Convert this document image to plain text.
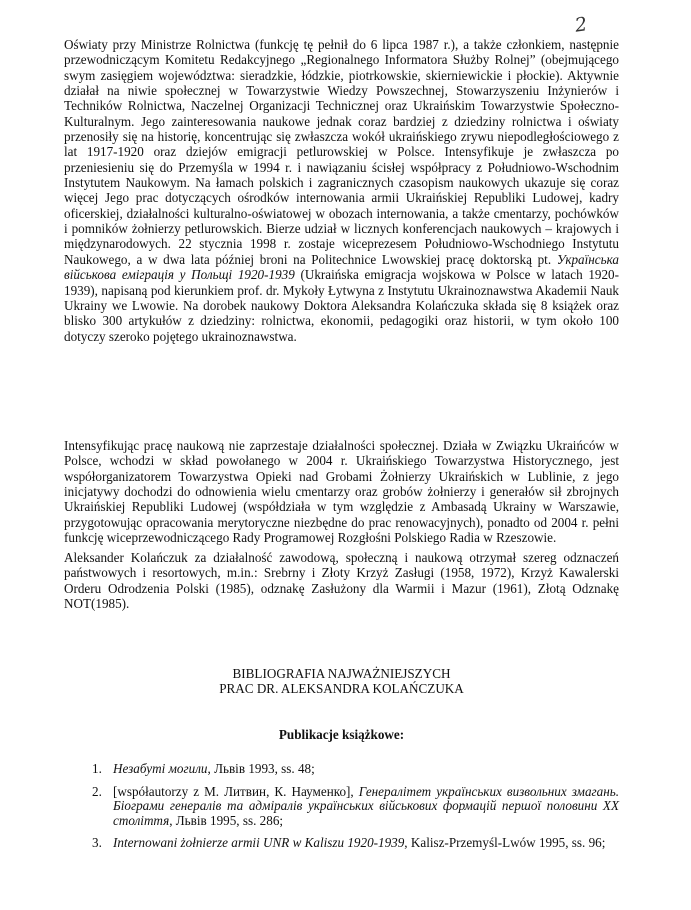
2

Oświaty przy Ministrze Rolnictwa (funkcję tę pełnił do 6 lipca 1987 r.), a także członkiem, następnie przewodniczącym Komitetu Redakcyjnego „Regionalnego Informatora Służby Rolnej” (obejmującego swym zasięgiem województwa: sieradzkie, łódzkie, piotrkowskie, skierniewickie i płockie). Aktywnie działał na niwie społecznej w Towarzystwie Wiedzy Powszechnej, Stowarzyszeniu Inżynierów i Techników Rolnictwa, Naczelnej Organizacji Technicznej oraz Ukraińskim Towarzystwie Społeczno-Kulturalnym. Jego zainteresowania naukowe jednak coraz bardziej z dziedziny rolnictwa i oświaty przenosiły się na historię, koncentrując się zwłaszcza wokół ukraińskiego zrywu niepodległościowego z lat 1917-1920 oraz dziejów emigracji petlurowskiej w Polsce. Intensyfikuje je zwłaszcza po przeniesieniu się do Przemyśla w 1994 r. i nawiązaniu ścisłej współpracy z Południowo-Wschodnim Instytutem Naukowym. Na łamach polskich i zagranicznych czasopism naukowych ukazuje się coraz więcej Jego prac dotyczących ośrodków internowania armii Ukraińskiej Republiki Ludowej, kadry oficerskiej, działalności kulturalno-oświatowej w obozach internowania, a także cmentarzy, pochówków i pomników żołnierzy petlurowskich. Bierze udział w licznych konferencjach naukowych – krajowych i międzynarodowych. 22 stycznia 1998 r. zostaje wiceprezesem Południowo-Wschodniego Instytutu Naukowego, a w dwa lata później broni na Politechnice Lwowskiej pracę doktorską pt. Українська військова еміграція у Польщі 1920-1939 (Ukraińska emigracja wojskowa w Polsce w latach 1920-1939), napisaną pod kierunkiem prof. dr. Mykoły Łytwyna z Instytutu Ukrainoznawstwa Akademii Nauk Ukrainy we Lwowie. Na dorobek naukowy Doktora Aleksandra Kolańczuka składa się 8 książek oraz blisko 300 artykułów z dziedziny: rolnictwa, ekonomii, pedagogiki oraz historii, w tym około 100 dotyczy szeroko pojętego ukrainoznawstwa.

Intensyfikując pracę naukową nie zaprzestaje działalności społecznej. Działa w Związku Ukraińców w Polsce, wchodzi w skład powołanego w 2004 r. Ukraińskiego Towarzystwa Historycznego, jest współorganizatorem Towarzystwa Opieki nad Grobami Żołnierzy Ukraińskich w Lublinie, z jego inicjatywy dochodzi do odnowienia wielu cmentarzy oraz grobów żołnierzy i generałów sił zbrojnych Ukraińskiej Republiki Ludowej (współdziała w tym względzie z Ambasadą Ukrainy w Warszawie, przygotowując opracowania merytoryczne niezbędne do prac renowacyjnych), ponadto od 2004 r. pełni funkcję wiceprzewodniczącego Rady Programowej Rozgłośni Polskiego Radia w Rzeszowie.

Aleksander Kolańczuk za działalność zawodową, społeczną i naukową otrzymał szereg odznaczeń państwowych i resortowych, m.in.: Srebrny i Złoty Krzyż Zasługi (1958, 1972), Krzyż Kawalerski Orderu Odrodzenia Polski (1985), odznakę Zasłużony dla Warmii i Mazur (1961), Złotą Odznakę NOT(1985).

BIBLIOGRAFIA NAJWAŻNIEJSZYCH
PRAC DR. ALEKSANDRA KOLAŃCZUKA
Publikacje książkowe:
1. Незабуті могили, Львів 1993, ss. 48;
2. [współautorzy z M. Литвин, К. Науменко], Генералітет українських визвольних змагань. Біограми генералів та адміралів українських військових формацій першої половини XX століття, Львів 1995, ss. 286;
3. Internowani żołnierze armii UNR w Kaliszu 1920-1939, Kalisz-Przemyśl-Lwów 1995, ss. 96;
